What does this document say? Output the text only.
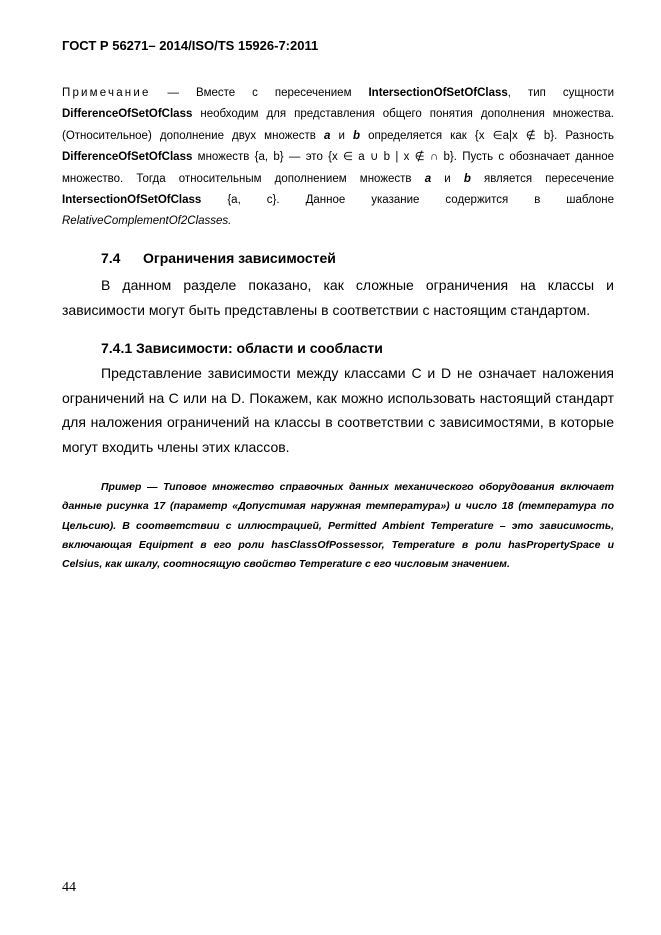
ГОСТ Р 56271– 2014/ISO/TS 15926-7:2011
Примечание — Вместе с пересечением IntersectionOfSetOfClass, тип сущности DifferenceOfSetOfClass необходим для представления общего понятия дополнения множества. (Относительное) дополнение двух множеств a и b определяется как {x ∈a|x ∉ b}. Разность DifferenceOfSetOfClass множеств {a, b} — это {x ∈ a ∪ b | x ∉ ∩ b}. Пусть c обозначает данное множество. Тогда относительным дополнением множеств a и b является пересечение IntersectionOfSetOfClass {a, c}. Данное указание содержится в шаблоне RelativeComplementOf2Classes.
7.4 Ограничения зависимостей
В данном разделе показано, как сложные ограничения на классы и зависимости могут быть представлены в соответствии с настоящим стандартом.
7.4.1 Зависимости: области и сообласти
Представление зависимости между классами С и D не означает наложения ограничений на С или на D. Покажем, как можно использовать настоящий стандарт для наложения ограничений на классы в соответствии с зависимостями, в которые могут входить члены этих классов.
Пример — Типовое множество справочных данных механического оборудования включает данные рисунка 17 (параметр «Допустимая наружная температура») и число 18 (температура по Цельсию). В соответствии с иллюстрацией, Permitted Ambient Temperature – это зависимость, включающая Equipment в его роли hasClassOfPossessor, Temperature в роли hasPropertySpace и Celsius, как шкалу, соотносящую свойство Temperature с его числовым значением.
44
